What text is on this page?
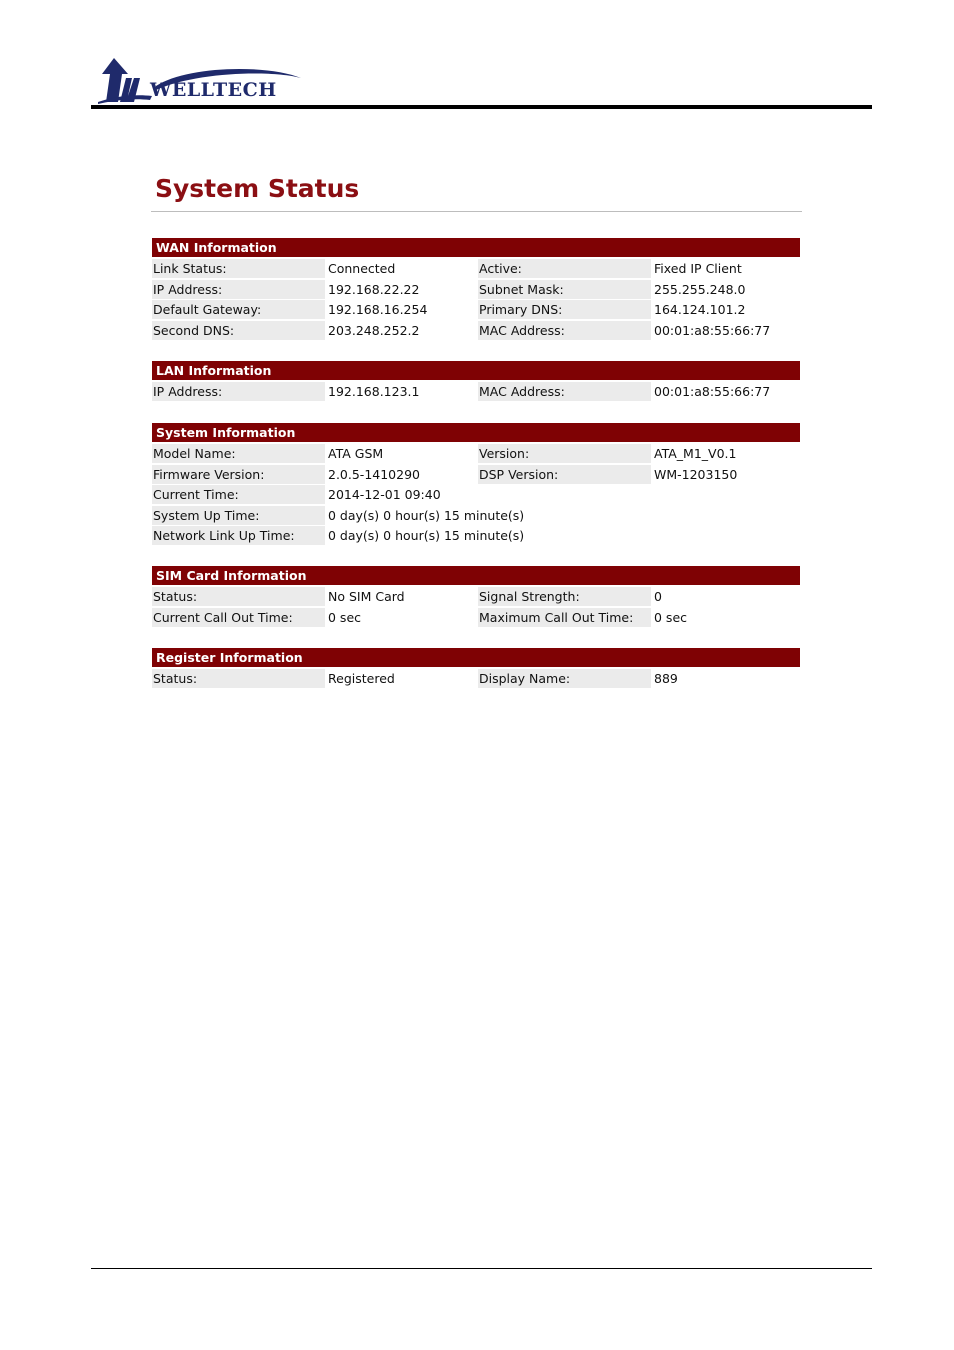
WELLTECH
System Status
WAN Information
Link Status:	Connected	Active:	Fixed IP Client
IP Address:	192.168.22.22	Subnet Mask:	255.255.248.0
Default Gateway:	192.168.16.254	Primary DNS:	164.124.101.2
Second DNS:	203.248.252.2	MAC Address:	00:01:a8:55:66:77
LAN Information
IP Address:	192.168.123.1	MAC Address:	00:01:a8:55:66:77
System Information
Model Name:	ATA GSM	Version:	ATA_M1_V0.1
Firmware Version:	2.0.5-1410290	DSP Version:	WM-1203150
Current Time:	2014-12-01 09:40
System Up Time:	0 day(s) 0 hour(s) 15 minute(s)
Network Link Up Time:	0 day(s) 0 hour(s) 15 minute(s)
SIM Card Information
Status:	No SIM Card	Signal Strength:	0
Current Call Out Time:	0 sec	Maximum Call Out Time:	0 sec
Register Information
Status:	Registered	Display Name:	889
